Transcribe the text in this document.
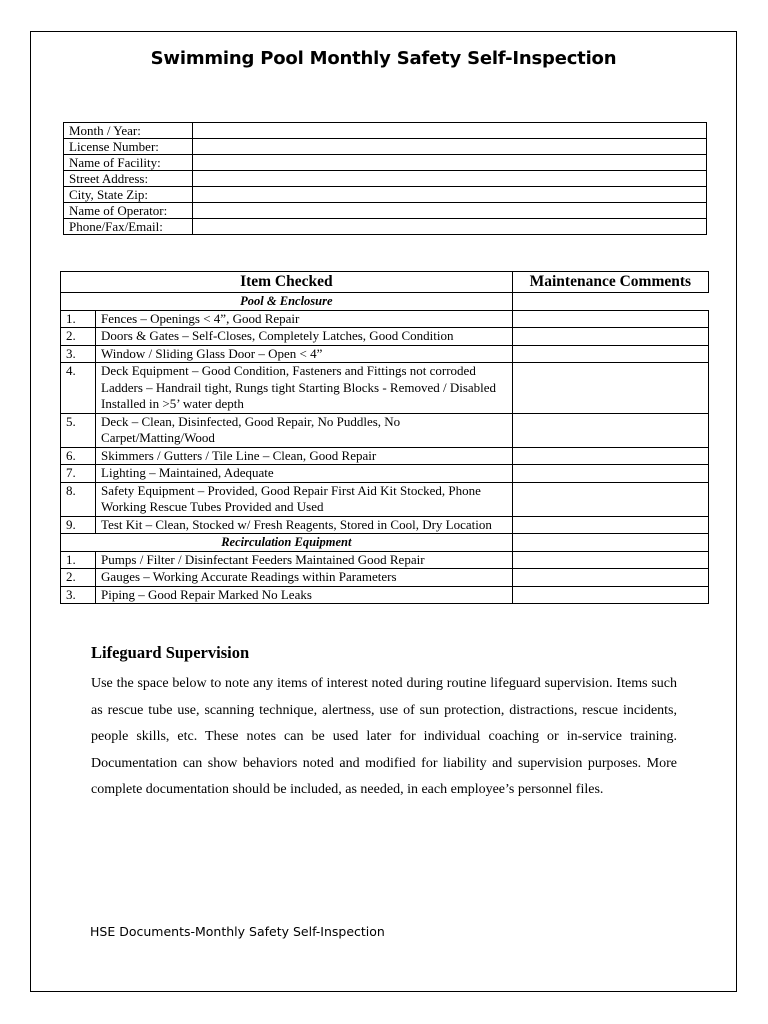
Swimming Pool Monthly Safety Self-Inspection
Month / Year:	
License Number:	
Name of Facility:	
Street Address:	
City, State Zip:	
Name of Operator:	
Phone/Fax/Email:	
Item Checked		Maintenance Comments
Pool & Enclosure		
1.	Fences – Openings < 4”, Good Repair	

2.	Doors & Gates – Self-Closes, Completely Latches, Good Condition	

3.	Window / Sliding Glass Door – Open < 4”	

4.	Deck Equipment – Good Condition, Fasteners and Fittings not corroded
Ladders – Handrail tight, Rungs tight Starting Blocks - Removed / Disabled Installed in >5’ water depth	

5.	Deck – Clean, Disinfected, Good Repair, No Puddles, No Carpet/Matting/Wood	

6.	Skimmers / Gutters / Tile Line – Clean, Good Repair	

7.	Lighting – Maintained, Adequate	

8.	Safety Equipment – Provided, Good Repair First Aid Kit Stocked, Phone Working Rescue Tubes Provided and Used	

9.	Test Kit – Clean, Stocked w/ Fresh Reagents, Stored in Cool, Dry Location	

Recirculation Equipment		
1.	Pumps / Filter / Disinfectant Feeders Maintained Good Repair	

2.	Gauges – Working Accurate Readings within Parameters	

3.	Piping – Good Repair Marked No Leaks	

Lifeguard Supervision

Use the space below to note any items of interest noted during routine lifeguard supervision. Items such as rescue tube use, scanning technique, alertness, use of sun protection, distractions, rescue incidents, people skills, etc. These notes can be used later for individual coaching or in-service training. Documentation can show behaviors noted and modified for liability and supervision purposes. More complete documentation should be included, as needed, in each employee’s personnel files.

HSE Documents-Monthly Safety Self-Inspection
